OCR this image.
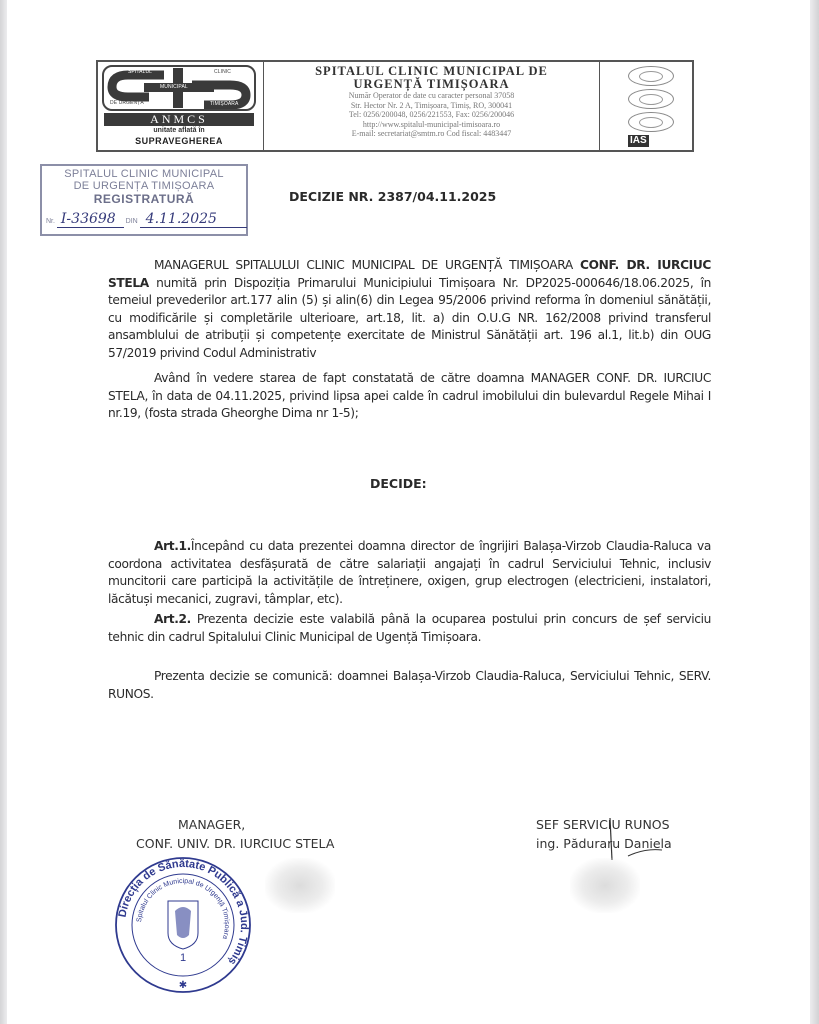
SPITALUL	CLINIC
MUNICIPAL
DE URGENȚĂ	TIMIȘOARA
ANMCS
unitate aflată în
SUPRAVEGHEREA
SPITALUL CLINIC MUNICIPAL DE
URGENȚĂ TIMIȘOARA
Număr Operator de date cu caracter personal 37058
Str. Hector Nr. 2 A, Timișoara, Timiș, RO, 300041
Tel: 0256/200048, 0256/221553, Fax: 0256/200046
http://www.spitalul-municipal-timisoara.ro
E-mail: secretariat@smtm.ro Cod fiscal: 4483447
IAS
SPITALUL CLINIC MUNICIPAL
DE URGENȚA TIMIȘOARA
REGISTRATURĂ
Nr. I-33698 DIN 4.11.2025
DECIZIE NR. 2387/04.11.2025
MANAGERUL SPITALULUI CLINIC MUNICIPAL DE URGENȚĂ TIMIȘOARA CONF. DR. IURCIUC STELA numită prin Dispoziția Primarului Municipiului Timișoara Nr. DP2025-000646/18.06.2025, în temeiul prevederilor art.177 alin (5) și alin(6) din Legea 95/2006 privind reforma în domeniul sănătății, cu modificările și completările ulterioare, art.18, lit. a) din O.U.G NR. 162/2008 privind transferul ansamblului de atribuții și competențe exercitate de Ministrul Sănătății art. 196 al.1, lit.b) din OUG 57/2019 privind Codul Administrativ
Având în vedere starea de fapt constatată de către doamna MANAGER CONF. DR. IURCIUC STELA, în data de 04.11.2025, privind lipsa apei calde în cadrul imobilului din bulevardul Regele Mihai I nr.19, (fosta strada Gheorghe Dima nr 1-5);
DECIDE:
Art.1.Începând cu data prezentei doamna director de îngrijiri Balașa-Virzob Claudia-Raluca va coordona activitatea desfășurată de către salariații angajați în cadrul Serviciului Tehnic, inclusiv muncitorii care participă la activitățile de întreținere, oxigen, grup electrogen (electricieni, instalatori, lăcătuși mecanici, zugravi, tâmplar, etc).
Art.2. Prezenta decizie este valabilă până la ocuparea postului prin concurs de șef serviciu tehnic din cadrul Spitalului Clinic Municipal de Ugență Timișoara.
Prezenta decizie se comunică: doamnei Balașa-Virzob Claudia-Raluca, Serviciului Tehnic, SERV. RUNOS.
MANAGER,
CONF. UNIV. DR. IURCIUC STELA
SEF SERVICIU RUNOS
ing. Păduraru Daniela
Direcția de Sănătate Publică a Jud. Timiș
Spitalul Clinic Municipal de Urgență Timișoara
1
✱
